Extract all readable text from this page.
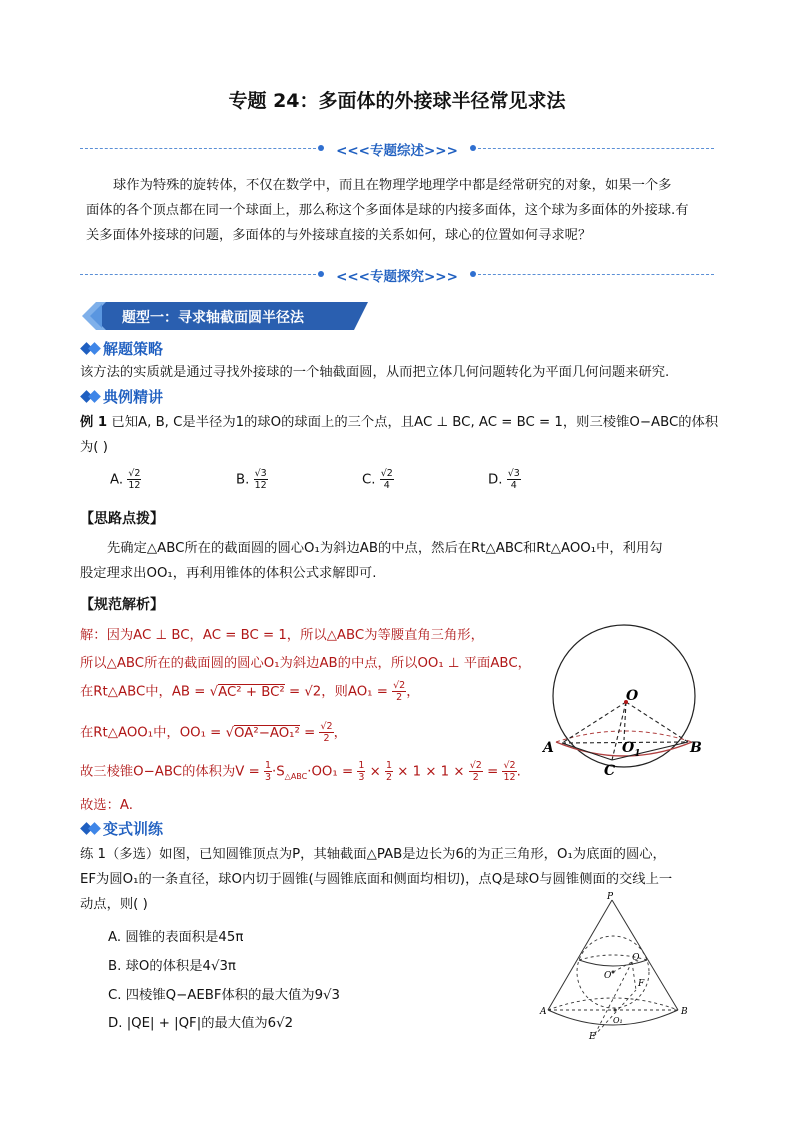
专题 24：多面体的外接球半径常见求法
<<<专题综述>>>
球作为特殊的旋转体，不仅在数学中，而且在物理学地理学中都是经常研究的对象，如果一个多
面体的各个顶点都在同一个球面上，那么称这个多面体是球的内接多面体，这个球为多面体的外接球.有
关多面体外接球的问题，多面体的与外接球直接的关系如何，球心的位置如何寻求呢？
<<<专题探究>>>
题型一：寻求轴截面圆半径法
解题策略
该方法的实质就是通过寻找外接球的一个轴截面圆，从而把立体几何问题转化为平面几何问题来研究.
典例精讲
例 1 已知A, B, C是半径为1的球O的球面上的三个点，且AC ⊥ BC, AC = BC = 1，则三棱锥O−ABC的体积
为( )
A. $\frac{√2}{12}$	B. $\frac{√3}{12}$	C. $\frac{√2}{4}$	D. $\frac{√3}{4}$
【思路点拨】
先确定△ABC所在的截面圆的圆心O₁为斜边AB的中点，然后在Rt△ABC和Rt△AOO₁中，利用勾
股定理求出OO₁，再利用锥体的体积公式求解即可.
【规范解析】
解：因为AC ⊥ BC，AC = BC = 1，所以△ABC为等腰直角三角形，
所以△ABC所在的截面圆的圆心O₁为斜边AB的中点，所以OO₁ ⊥ 平面ABC，
在Rt△ABC中，AB = √AC² + BC² = √2，则$AO_1 = \frac{√2}{2}$ ，
在Rt△AOO₁中，$OO_1 = √OA^2-AO_1^2 = \frac{√2}{2}$ ，
故三棱锥O−ABC的体积为$V = \frac{1}{3} \cdot S_{\triangle ABC}\cdot OO_1 = \frac{1}{3} \times \frac{1}{2} \times 1 \times 1 \times \frac{√2}{2} = \frac{√2}{12}$ .
故选：A.
O
$O_1$
A	B
C
变式训练
练 1（多选）如图，已知圆锥顶点为P，其轴截面△PAB是边长为6的为正三角形，O₁为底面的圆心，
EF为圆O₁的一条直径，球O内切于圆锥(与圆锥底面和侧面均相切)，点Q是球O与圆锥侧面的交线上一
动点，则( )
A. 圆锥的表面积是45π
B. 球O的体积是4√3π
C. 四棱锥Q−AEBF体积的最大值为9√3
D. |QE| + |QF|的最大值为6√2
P
Q
O
F
A	B
O₁
E
